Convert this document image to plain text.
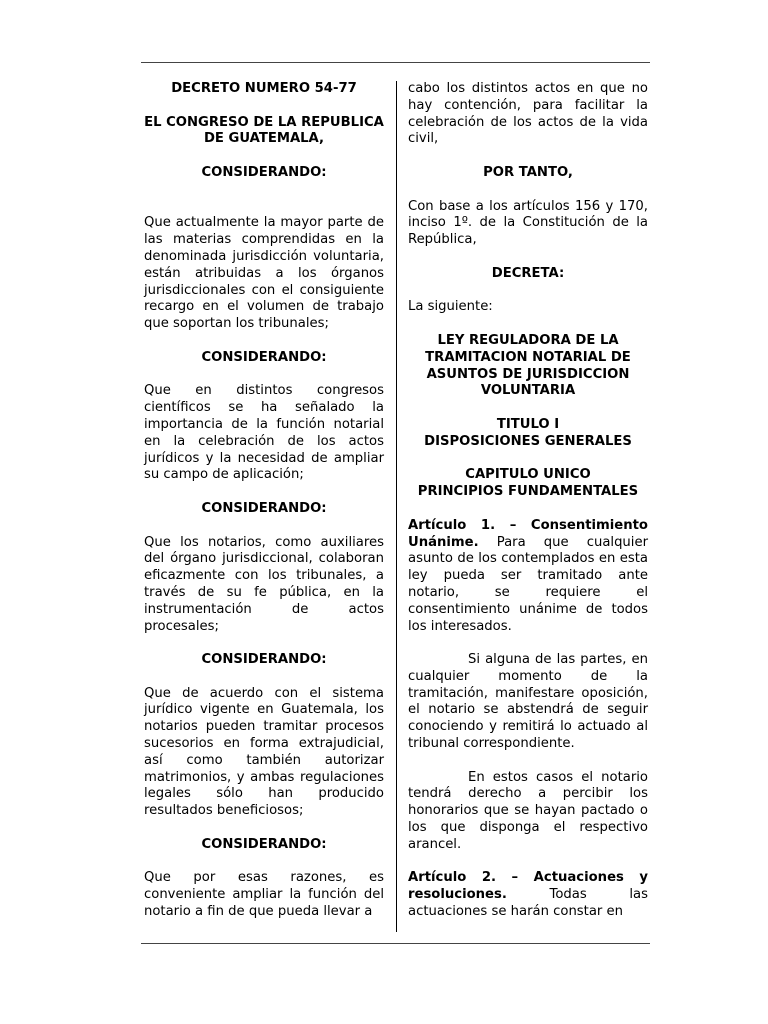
DECRETO NUMERO 54-77

EL CONGRESO DE LA REPUBLICA DE GUATEMALA,

CONSIDERANDO:

Que actualmente la mayor parte de las materias comprendidas en la denominada jurisdicción voluntaria, están atribuidas a los órganos jurisdiccionales con el consiguiente recargo en el volumen de trabajo que soportan los tribunales;

CONSIDERANDO:

Que en distintos congresos científicos se ha señalado la importancia de la función notarial en la celebración de los actos jurídicos y la necesidad de ampliar su campo de aplicación;

CONSIDERANDO:

Que los notarios, como auxiliares del órgano jurisdiccional, colaboran eficazmente con los tribunales, a través de su fe pública, en la instrumentación de actos procesales;

CONSIDERANDO:

Que de acuerdo con el sistema jurídico vigente en Guatemala, los notarios pueden tramitar procesos sucesorios en forma extrajudicial, así como también autorizar matrimonios, y ambas regulaciones legales sólo han producido resultados beneficiosos;

CONSIDERANDO:

Que por esas razones, es conveniente ampliar la función del notario a fin de que pueda llevar a

cabo los distintos actos en que no hay contención, para facilitar la celebración de los actos de la vida civil,

POR TANTO,

Con base a los artículos 156 y 170, inciso 1º. de la Constitución de la República,

DECRETA:

La siguiente:

LEY REGULADORA DE LA TRAMITACION NOTARIAL DE ASUNTOS DE JURISDICCION VOLUNTARIA

TITULO I
DISPOSICIONES GENERALES

CAPITULO UNICO
PRINCIPIOS FUNDAMENTALES

Artículo 1. – Consentimiento Unánime. Para que cualquier asunto de los contemplados en esta ley pueda ser tramitado ante notario, se requiere el consentimiento unánime de todos los interesados.

Si alguna de las partes, en cualquier momento de la tramitación, manifestare oposición, el notario se abstendrá de seguir conociendo y remitirá lo actuado al tribunal correspondiente.

En estos casos el notario tendrá derecho a percibir los honorarios que se hayan pactado o los que disponga el respectivo arancel.

Artículo 2. – Actuaciones y resoluciones.	Todas las actuaciones se harán constar en
